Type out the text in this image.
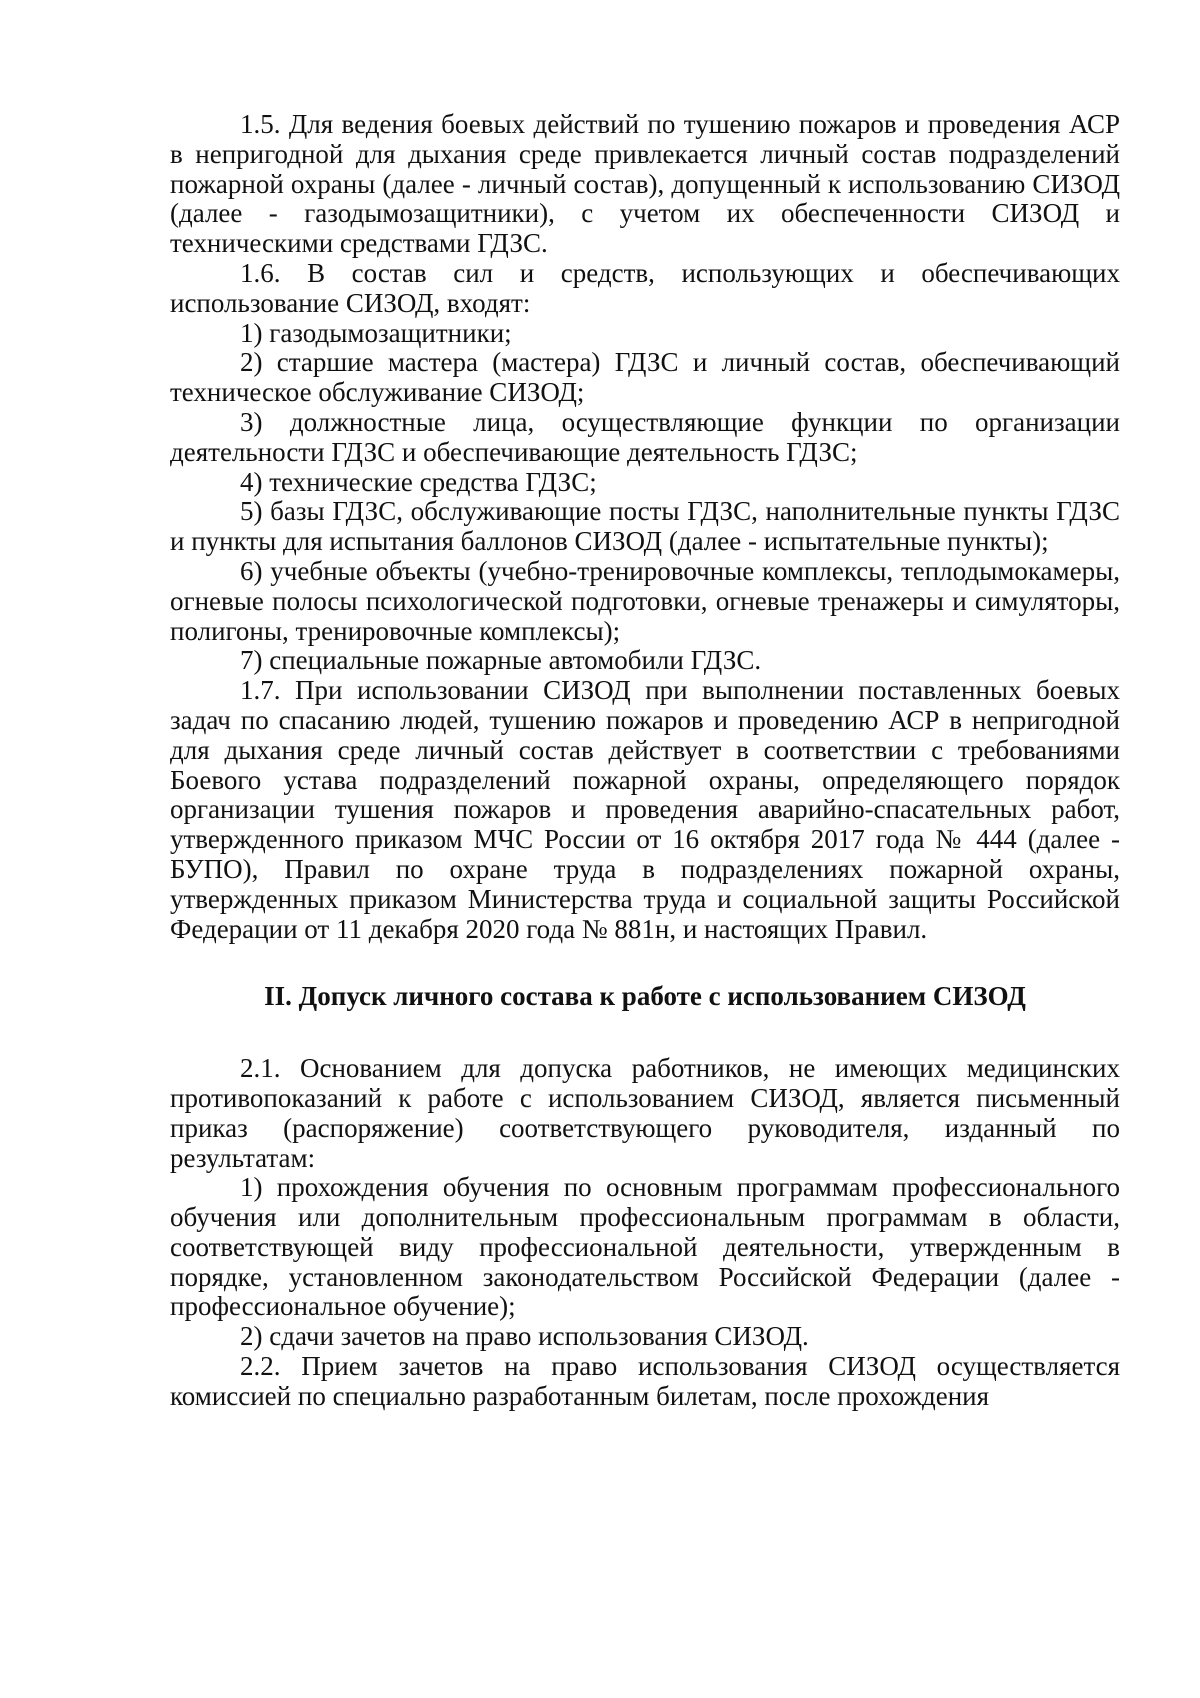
1.5. Для ведения боевых действий по тушению пожаров и проведения АСР в непригодной для дыхания среде привлекается личный состав подразделений пожарной охраны (далее - личный состав), допущенный к использованию СИЗОД (далее - газодымозащитники), с учетом их обеспеченности СИЗОД и техническими средствами ГДЗС.

1.6. В состав сил и средств, использующих и обеспечивающих использование СИЗОД, входят:

1) газодымозащитники;

2) старшие мастера (мастера) ГДЗС и личный состав, обеспечивающий техническое обслуживание СИЗОД;

3) должностные лица, осуществляющие функции по организации деятельности ГДЗС и обеспечивающие деятельность ГДЗС;

4) технические средства ГДЗС;

5) базы ГДЗС, обслуживающие посты ГДЗС, наполнительные пункты ГДЗС и пункты для испытания баллонов СИЗОД (далее - испытательные пункты);

6) учебные объекты (учебно-тренировочные комплексы, теплодымокамеры, огневые полосы психологической подготовки, огневые тренажеры и симуляторы, полигоны, тренировочные комплексы);

7) специальные пожарные автомобили ГДЗС.

1.7. При использовании СИЗОД при выполнении поставленных боевых задач по спасанию людей, тушению пожаров и проведению АСР в непригодной для дыхания среде личный состав действует в соответствии с требованиями Боевого устава подразделений пожарной охраны, определяющего порядок организации тушения пожаров и проведения аварийно-спасательных работ, утвержденного приказом МЧС России от 16 октября 2017 года № 444 (далее - БУПО), Правил по охране труда в подразделениях пожарной охраны, утвержденных приказом Министерства труда и социальной защиты Российской Федерации от 11 декабря 2020 года № 881н, и настоящих Правил.

II. Допуск личного состава к работе с использованием СИЗОД

2.1. Основанием для допуска работников, не имеющих медицинских противопоказаний к работе с использованием СИЗОД, является письменный приказ (распоряжение) соответствующего руководителя, изданный по результатам:

1) прохождения обучения по основным программам профессионального обучения или дополнительным профессиональным программам в области, соответствующей виду профессиональной деятельности, утвержденным в порядке, установленном законодательством Российской Федерации (далее - профессиональное обучение);

2) сдачи зачетов на право использования СИЗОД.

2.2. Прием зачетов на право использования СИЗОД осуществляется комиссией по специально разработанным билетам, после прохождения
